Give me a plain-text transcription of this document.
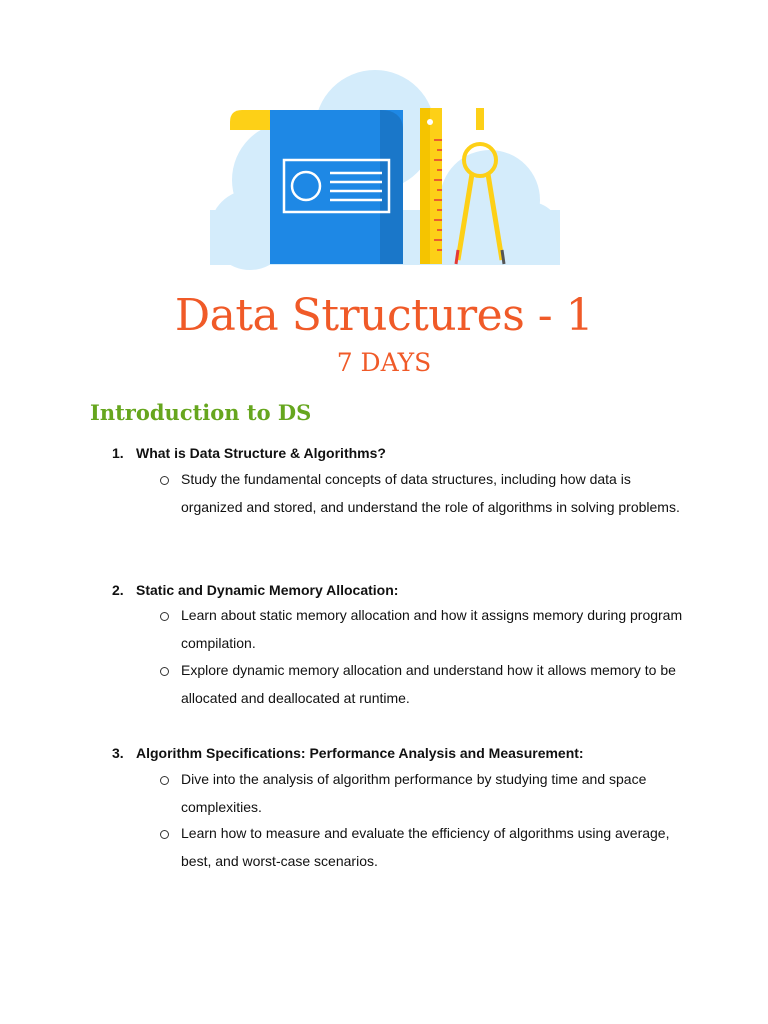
Data Structures - 1
7 DAYS
Introduction to DS
1. What is Data Structure & Algorithms?
Study the fundamental concepts of data structures, including how data is organized and stored, and understand the role of algorithms in solving problems.
2. Static and Dynamic Memory Allocation:
Learn about static memory allocation and how it assigns memory during program compilation.
Explore dynamic memory allocation and understand how it allows memory to be allocated and deallocated at runtime.
3. Algorithm Specifications: Performance Analysis and Measurement:
Dive into the analysis of algorithm performance by studying time and space complexities.
Learn how to measure and evaluate the efficiency of algorithms using average, best, and worst-case scenarios.
